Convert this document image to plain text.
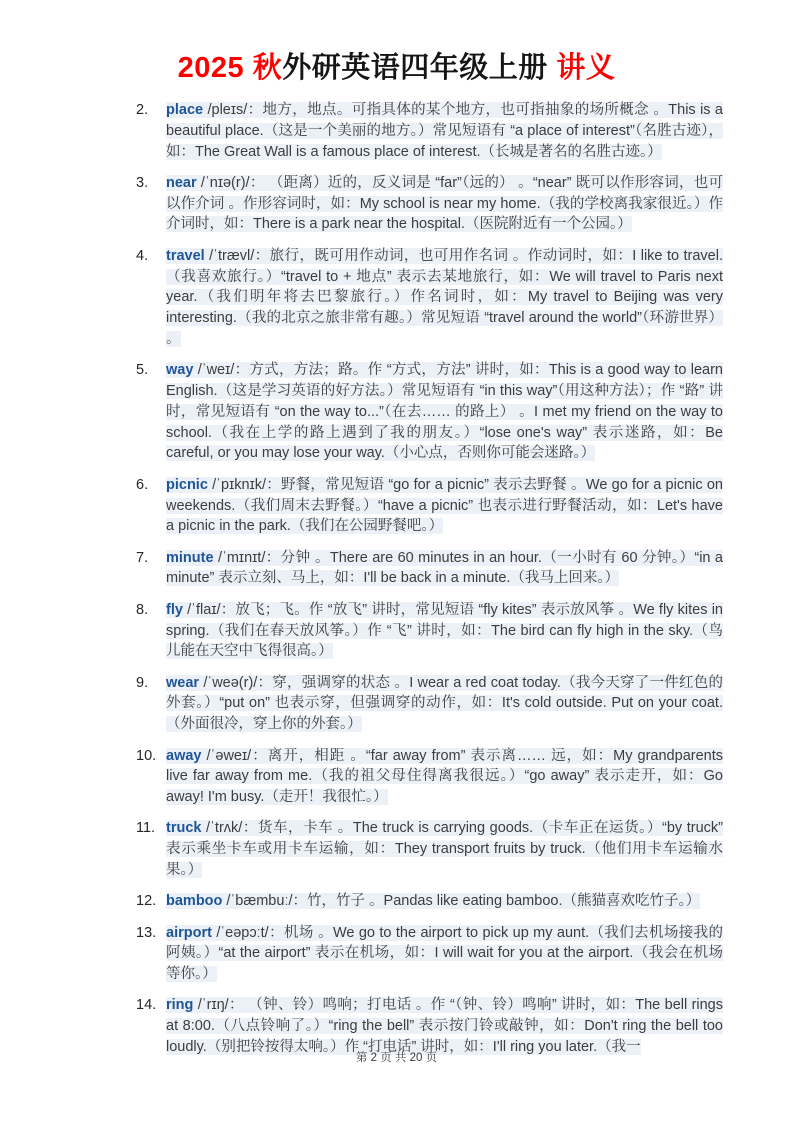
2025 秋外研英语四年级上册 讲义
2.	place /pleɪs/：地方，地点。可指具体的某个地方，也可指抽象的场所概念 。This is a beautiful place.（这是一个美丽的地方。）常见短语有 “a place of interest”（名胜古迹），如：The Great Wall is a famous place of interest.（长城是著名的名胜古迹。）
3.	near /ˈnɪə(r)/： （距离）近的，反义词是 “far”（远的） 。“near” 既可以作形容词，也可以作介词 。作形容词时，如：My school is near my home.（我的学校离我家很近。）作介词时，如：There is a park near the hospital.（医院附近有一个公园。）
4.	travel /ˈtrævl/：旅行，既可用作动词，也可用作名词 。作动词时，如：I like to travel.（我喜欢旅行。）“travel to + 地点” 表示去某地旅行，如：We will travel to Paris next year.（我们明年将去巴黎旅行。）作名词时，如：My travel to Beijing was very interesting.（我的北京之旅非常有趣。）常见短语 “travel around the world”（环游世界） 。
5.	way /ˈweɪ/：方式，方法；路。作 “方式，方法” 讲时，如：This is a good way to learn English.（这是学习英语的好方法。）常见短语有 “in this way”（用这种方法）；作 “路” 讲时，常见短语有 “on the way to...”（在去…… 的路上） 。I met my friend on the way to school.（我在上学的路上遇到了我的朋友。）“lose one's way” 表示迷路，如：Be careful, or you may lose your way.（小心点，否则你可能会迷路。）
6.	picnic /ˈpɪknɪk/：野餐，常见短语 “go for a picnic” 表示去野餐 。We go for a picnic on weekends.（我们周末去野餐。）“have a picnic” 也表示进行野餐活动，如：Let's have a picnic in the park.（我们在公园野餐吧。）
7.	minute /ˈmɪnɪt/：分钟 。There are 60 minutes in an hour.（一小时有 60 分钟。）“in a minute” 表示立刻、马上，如：I'll be back in a minute.（我马上回来。）
8.	fly /ˈflaɪ/：放飞；飞。作 “放飞” 讲时，常见短语 “fly kites” 表示放风筝 。We fly kites in spring.（我们在春天放风筝。）作 “飞” 讲时，如：The bird can fly high in the sky.（鸟儿能在天空中飞得很高。）
9.	wear /ˈweə(r)/：穿，强调穿的状态 。I wear a red coat today.（我今天穿了一件红色的外套。）“put on” 也表示穿，但强调穿的动作，如：It's cold outside. Put on your coat.（外面很冷，穿上你的外套。）
10. away /ˈəweɪ/：离开，相距 。“far away from” 表示离…… 远，如：My grandparents live far away from me.（我的祖父母住得离我很远。）“go away” 表示走开，如：Go away! I'm busy.（走开！我很忙。）
11. truck /ˈtrʌk/：货车，卡车 。The truck is carrying goods.（卡车正在运货。）“by truck” 表示乘坐卡车或用卡车运输，如：They transport fruits by truck.（他们用卡车运输水果。）
12. bamboo /ˈbæmbuː/：竹，竹子 。Pandas like eating bamboo.（熊猫喜欢吃竹子。）
13. airport /ˈeəpɔːt/：机场 。We go to the airport to pick up my aunt.（我们去机场接我的阿姨。）“at the airport” 表示在机场，如：I will wait for you at the airport.（我会在机场等你。）
14. ring /ˈrɪŋ/： （钟、铃）鸣响；打电话 。作 “（钟、铃）鸣响” 讲时，如：The bell rings at 8:00.（八点铃响了。）“ring the bell” 表示按门铃或敲钟，如：Don't ring the bell too loudly.（别把铃按得太响。）作 “打电话” 讲时，如：I'll ring you later.（我一
第 2 页 共 20 页
